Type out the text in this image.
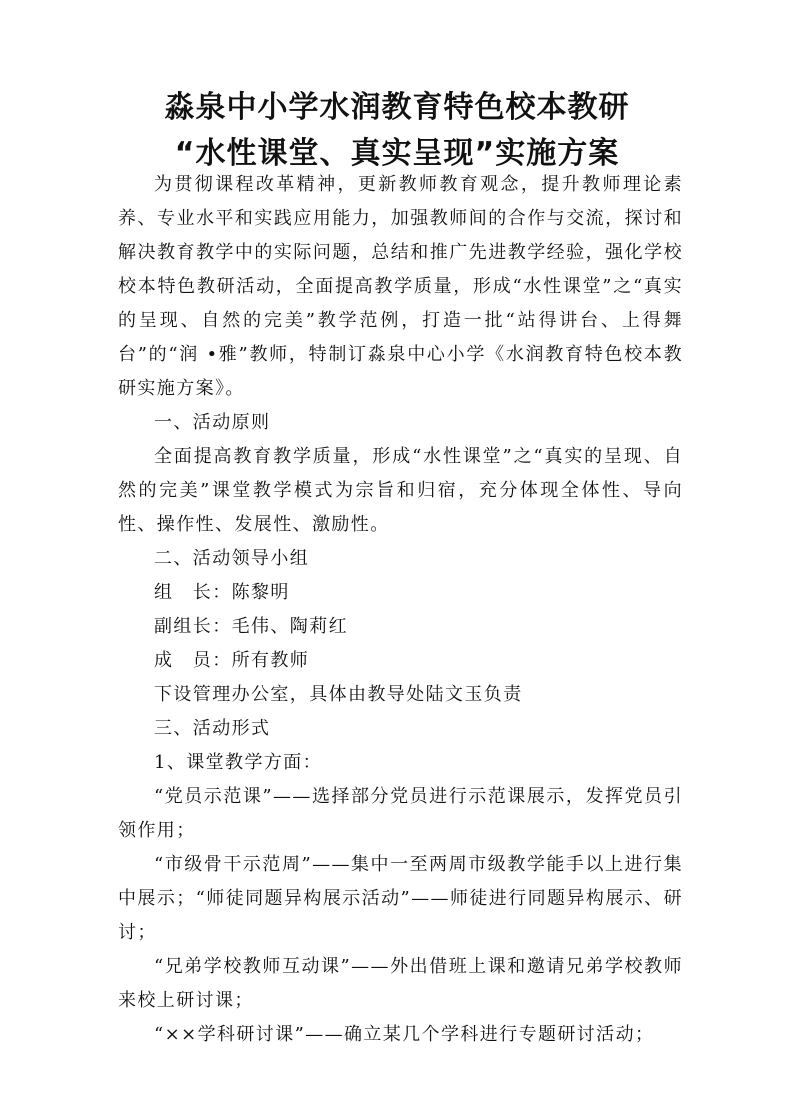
淼泉中小学水润教育特色校本教研
“水性课堂、真实呈现”实施方案

为贯彻课程改革精神，更新教师教育观念，提升教师理论素养、专业水平和实践应用能力，加强教师间的合作与交流，探讨和解决教育教学中的实际问题，总结和推广先进教学经验，强化学校校本特色教研活动，全面提高教学质量，形成“水性课堂”之“真实的呈现、自然的完美”教学范例，打造一批“站得讲台、上得舞台”的“润 •雅”教师，特制订淼泉中心小学《水润教育特色校本教研实施方案》。

一、活动原则

全面提高教育教学质量，形成“水性课堂”之“真实的呈现、自然的完美”课堂教学模式为宗旨和归宿，充分体现全体性、导向性、操作性、发展性、激励性。

二、活动领导小组

组　长：陈黎明

副组长：毛伟、陶莉红

成　员：所有教师

下设管理办公室，具体由教导处陆文玉负责

三、活动形式

1、课堂教学方面：

“党员示范课”——选择部分党员进行示范课展示，发挥党员引领作用；

“市级骨干示范周”——集中一至两周市级教学能手以上进行集中展示；“师徒同题异构展示活动”——师徒进行同题异构展示、研讨；

“兄弟学校教师互动课”——外出借班上课和邀请兄弟学校教师来校上研讨课；

“××学科研讨课”——确立某几个学科进行专题研讨活动；
